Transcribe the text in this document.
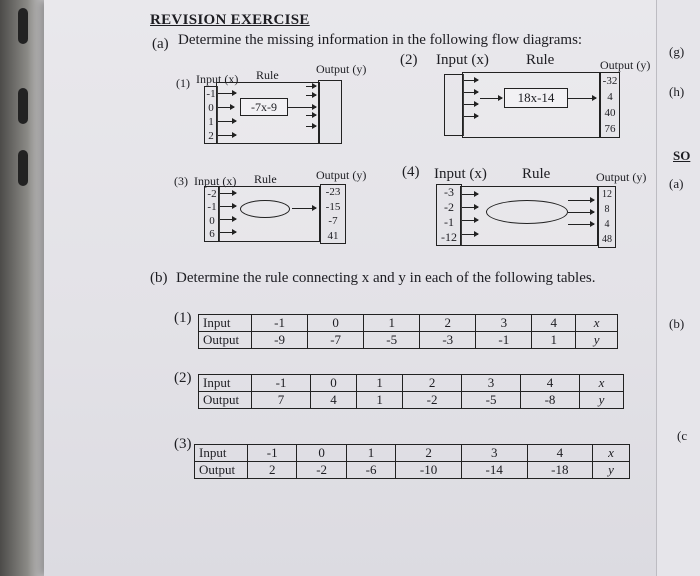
REVISION EXERCISE
(a) Determine the missing information in the following flow diagrams:
(1) Input (x) Rule	Output (y)
-1
0
1
2
-7x-9
(2) Input (x) Rule	Output (y)
18x-14
-32
4
40
76
(3) Input (x) Rule	Output (y)
-2
-1
0
6
-23
-15
-7
41
(4) Input (x) Rule	Output (y)
-3
-2
-1
-12
12
8
4
48
(b) Determine the rule connecting x and y in each of the following tables.
(1) Input	-1	0	1	2	3	4	x
Output	-9	-7	-5	-3	-1	1	y
(2) Input	-1	0	1	2	3	4	x
Output	7	4	1	-2	-5	-8	y
(3)
Input	-1	0	1	2	3	4	x
Output	2	-2	-6	-10	-14	-18	y
(g)
(h)
SO
(a)
(b)
(c
